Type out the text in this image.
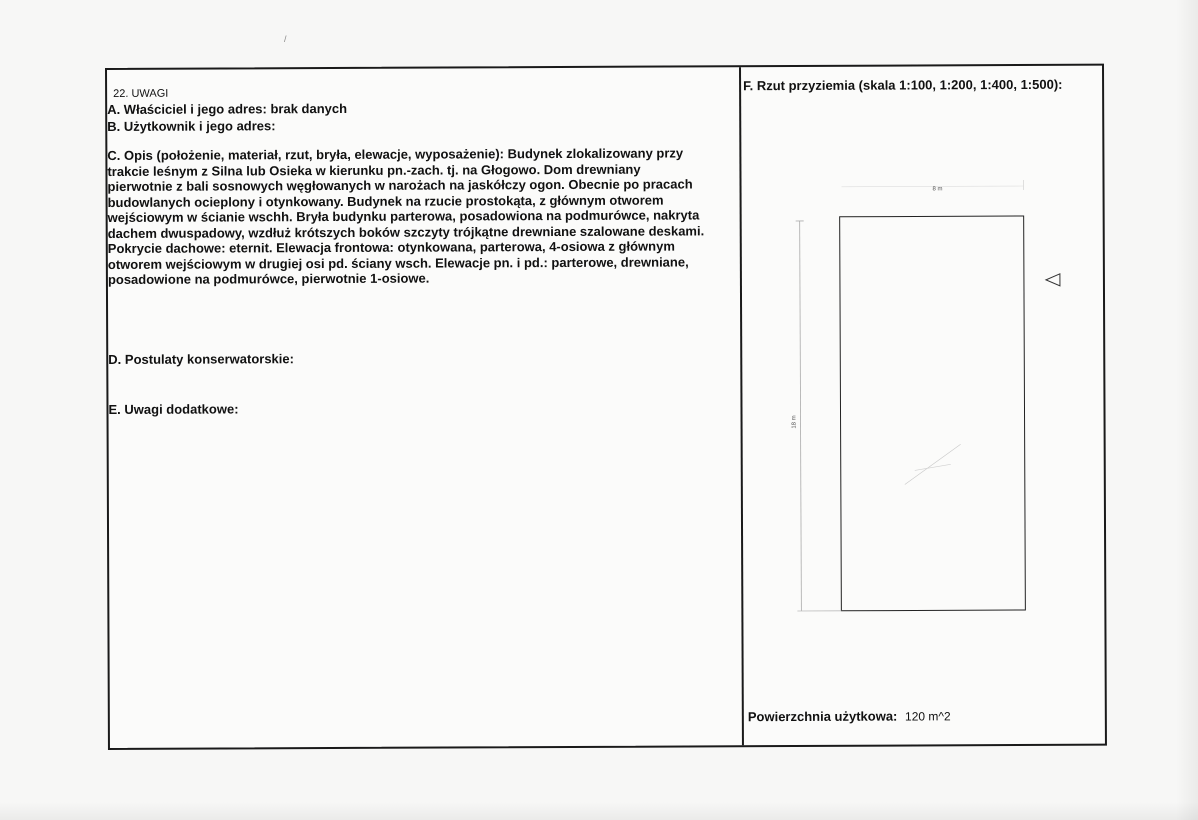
/
22. UWAGI
A. Właściciel i jego adres: brak danych
B. Użytkownik i jego adres:
C. Opis (położenie, materiał, rzut, bryła, elewacje, wyposażenie): Budynek zlokalizowany przy
trakcie leśnym z Silna lub Osieka w kierunku pn.-zach. tj. na Głogowo. Dom drewniany
pierwotnie z bali sosnowych węgłowanych w narożach na jaskółczy ogon. Obecnie po pracach
budowlanych ocieplony i otynkowany. Budynek na rzucie prostokąta, z głównym otworem
wejściowym w ścianie wschh. Bryła budynku parterowa, posadowiona na podmurówce, nakryta
dachem dwuspadowy, wzdłuż krótszych boków szczyty trójkątne drewniane szalowane deskami.
Pokrycie dachowe: eternit. Elewacja frontowa: otynkowana, parterowa, 4-osiowa z głównym
otworem wejściowym w drugiej osi pd. ściany wsch. Elewacje pn. i pd.: parterowe, drewniane,
posadowione na podmurówce, pierwotnie 1-osiowe.
D. Postulaty konserwatorskie:
E. Uwagi dodatkowe:
F. Rzut przyziemia (skala 1:100, 1:200, 1:400, 1:500):
18 m
8 m
Powierzchnia użytkowa: 120 m^2
